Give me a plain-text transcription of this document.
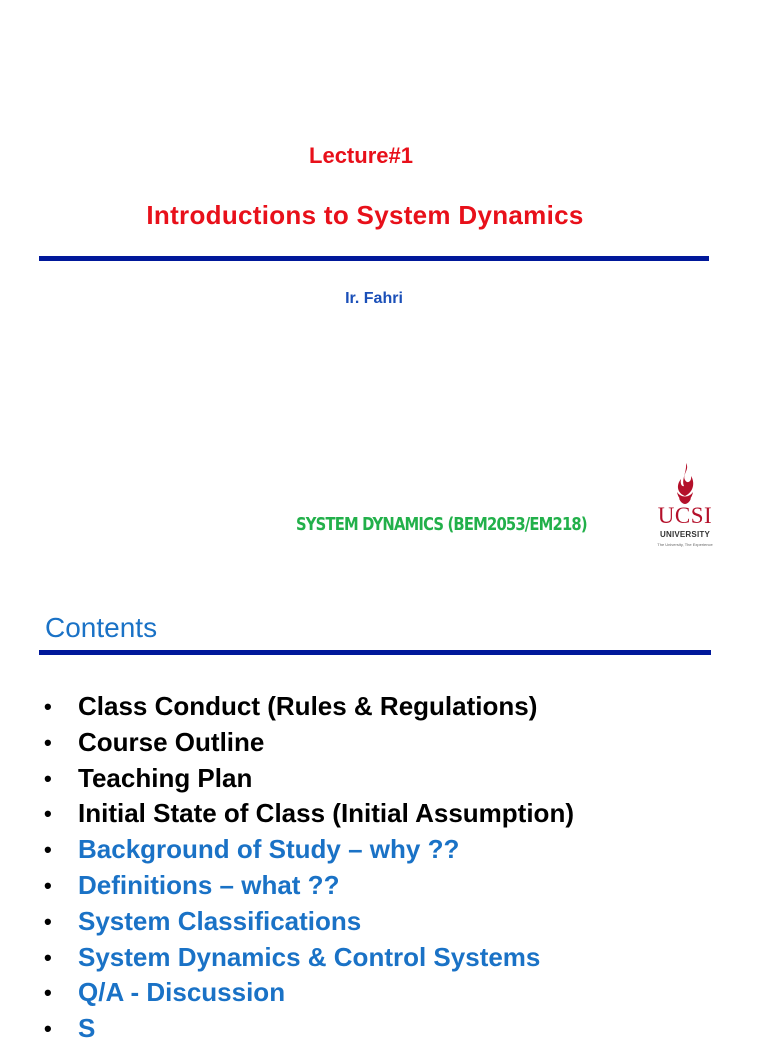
Lecture#1

Introductions to System Dynamics

Ir. Fahri

SYSTEM DYNAMICS (BEM2053/EM218)	UCSI
UNIVERSITY
The University, The Experience
Contents
• Class Conduct (Rules & Regulations)
• Course Outline
• Teaching Plan
• Initial State of Class (Initial Assumption)
• Background of Study – why ??
• Definitions – what ??
• System Classifications
• System Dynamics & Control Systems
• Q/A - Discussion
• S
